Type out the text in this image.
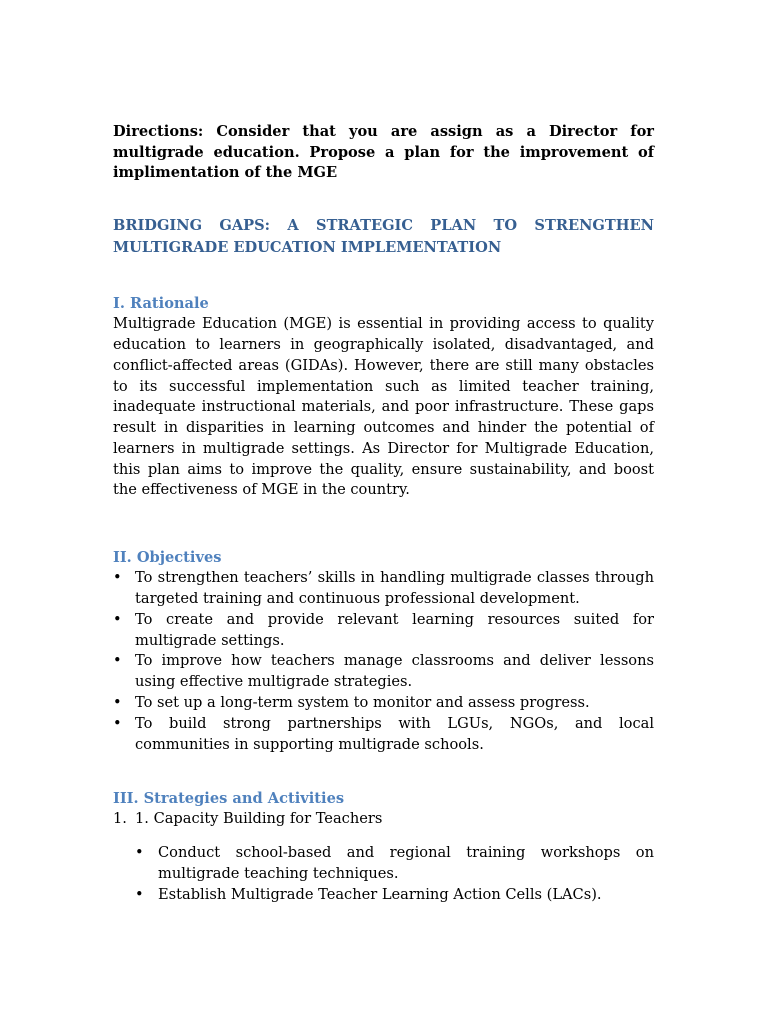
Directions: Consider that you are assign as a Director for multigrade education. Propose a plan for the improvement of implimentation of the MGE

BRIDGING GAPS: A STRATEGIC PLAN TO STRENGTHEN MULTIGRADE EDUCATION IMPLEMENTATION

I. Rationale

Multigrade Education (MGE) is essential in providing access to quality education to learners in geographically isolated, disadvantaged, and conflict-affected areas (GIDAs). However, there are still many obstacles to its successful implementation such as limited teacher training, inadequate instructional materials, and poor infrastructure. These gaps result in disparities in learning outcomes and hinder the potential of learners in multigrade settings. As Director for Multigrade Education, this plan aims to improve the quality, ensure sustainability, and boost the effectiveness of MGE in the country.

II. Objectives

• To strengthen teachers’ skills in handling multigrade classes through targeted training and continuous professional development.
• To create and provide relevant learning resources suited for multigrade settings.
• To improve how teachers manage classrooms and deliver lessons using effective multigrade strategies.
• To set up a long-term system to monitor and assess progress.
• To build strong partnerships with LGUs, NGOs, and local communities in supporting multigrade schools.

III. Strategies and Activities

1. 1. Capacity Building for Teachers

• Conduct school-based and regional training workshops on multigrade teaching techniques.
• Establish Multigrade Teacher Learning Action Cells (LACs).
